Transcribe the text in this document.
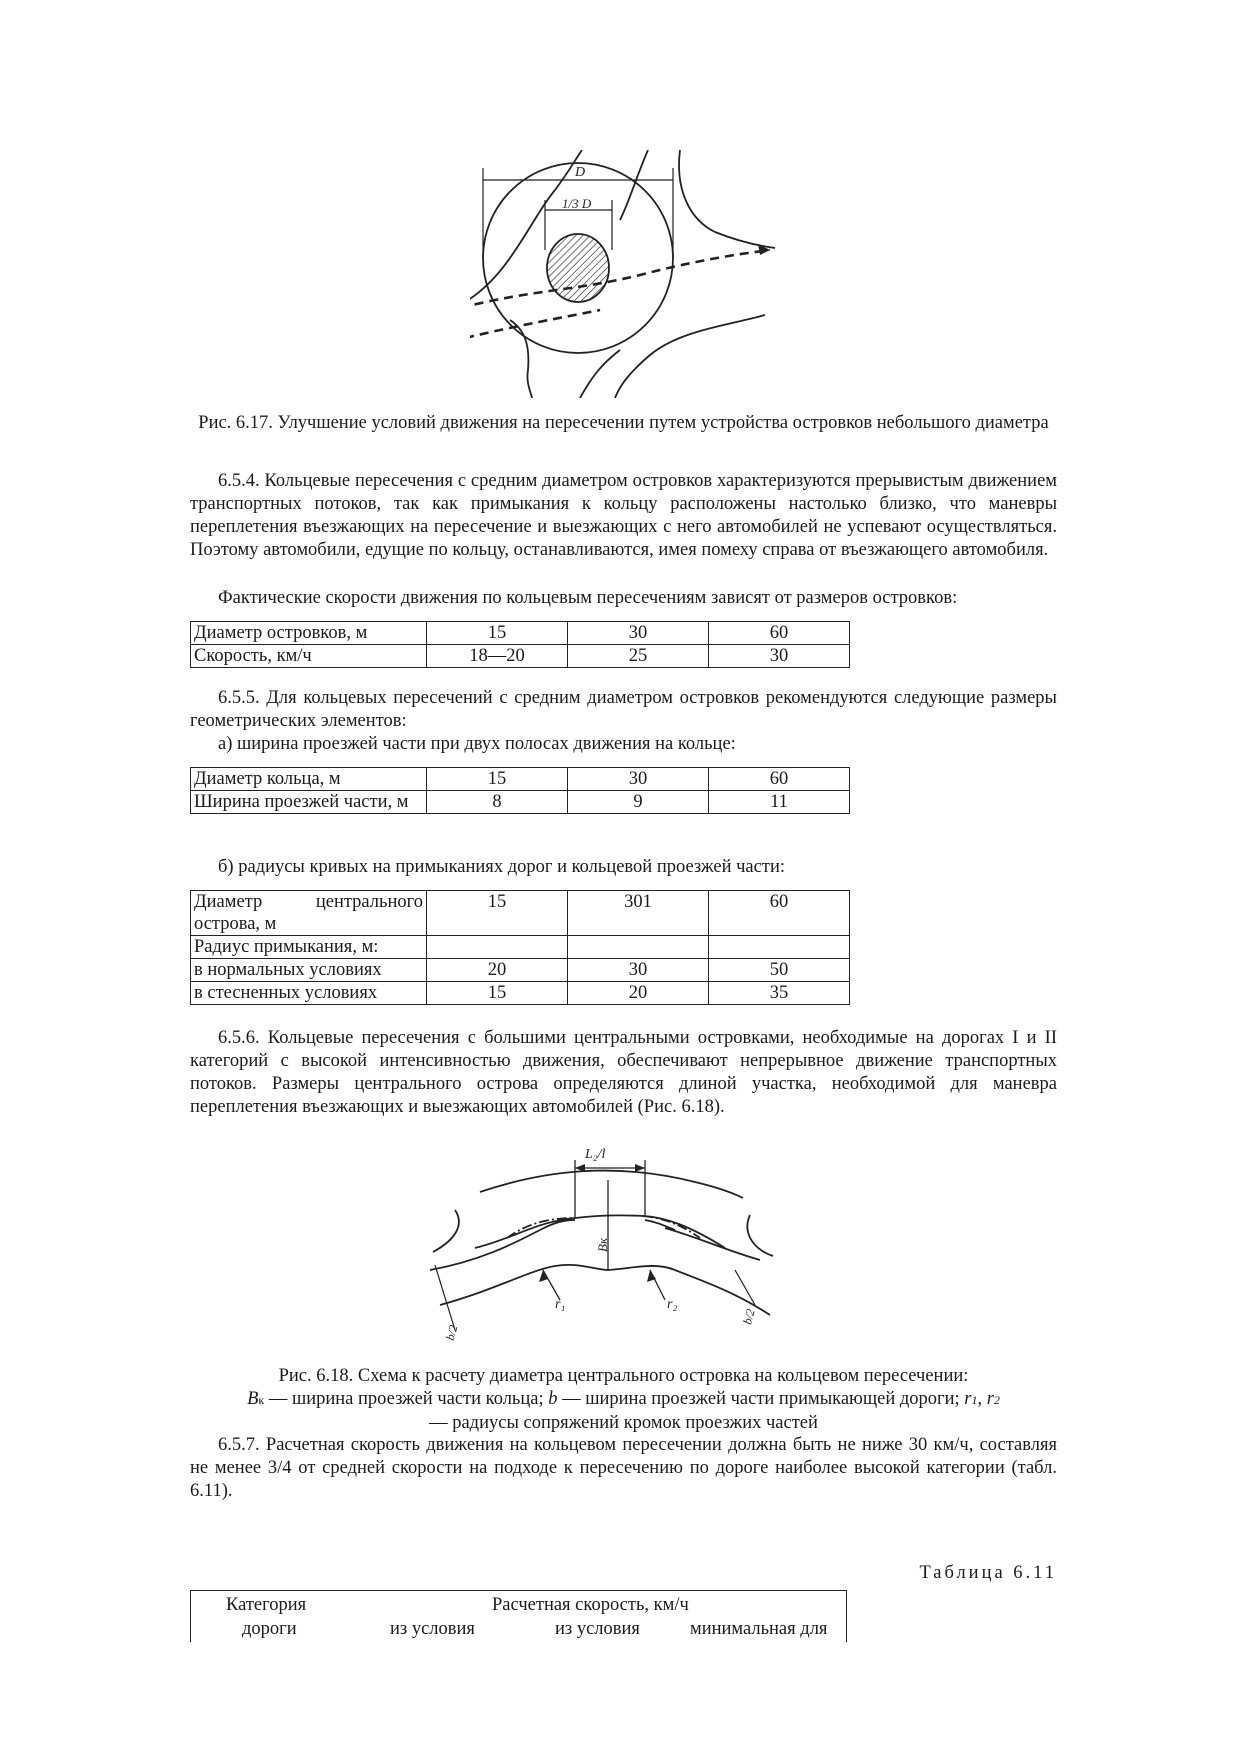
D
1/3 D
Рис. 6.17. Улучшение условий движения на пересечении путем устройства островков небольшого диаметра

6.5.4. Кольцевые пересечения с средним диаметром островков характеризуются прерывистым движением транспортных потоков, так как примыкания к кольцу расположены настолько близко, что маневры переплетения въезжающих на пересечение и выезжающих с него автомобилей не успевают осуществляться. Поэтому автомобили, едущие по кольцу, останавливаются, имея помеху справа от въезжающего автомобиля.

Фактические скорости движения по кольцевым пересечениям зависят от размеров островков:

Диаметр островков, м	15	30	60
Скорость, км/ч	18—20	25	30

6.5.5. Для кольцевых пересечений с средним диаметром островков рекомендуются следующие размеры геометрических элементов:

а) ширина проезжей части при двух полосах движения на кольце:

Диаметр кольца, м	15	30	60
Ширина проезжей части, м	8	9	11

б) радиусы кривых на примыканиях дорог и кольцевой проезжей части:

Диаметр центрального острова, м	15	301	60
Радиус примыкания, м:			
в нормальных условиях	20	30	50
в стесненных условиях	15	20	35

6.5.6. Кольцевые пересечения с большими центральными островками, необходимые на дорогах I и II категорий с высокой интенсивностью движения, обеспечивают непрерывное движение транспортных потоков. Размеры центрального острова определяются длиной участка, необходимой для маневра переплетения въезжающих и выезжающих автомобилей (Рис. 6.18).

L₂/l
Bк
r₁	r₂
b/2
b/2
Рис. 6.18. Схема к расчету диаметра центрального островка на кольцевом пересечении:
Bк — ширина проезжей части кольца; b — ширина проезжей части примыкающей дороги; r1, r2
— радиусы сопряжений кромок проезжих частей

6.5.7. Расчетная скорость движения на кольцевом пересечении должна быть не ниже 30 км/ч, составляя не менее 3/4 от средней скорости на подходе к пересечению по дороге наиболее высокой категории (табл. 6.11).

Таблица 6.11
Категория
дороги
Расчетная скорость, км/ч
из условия	из условия	минимальная для
